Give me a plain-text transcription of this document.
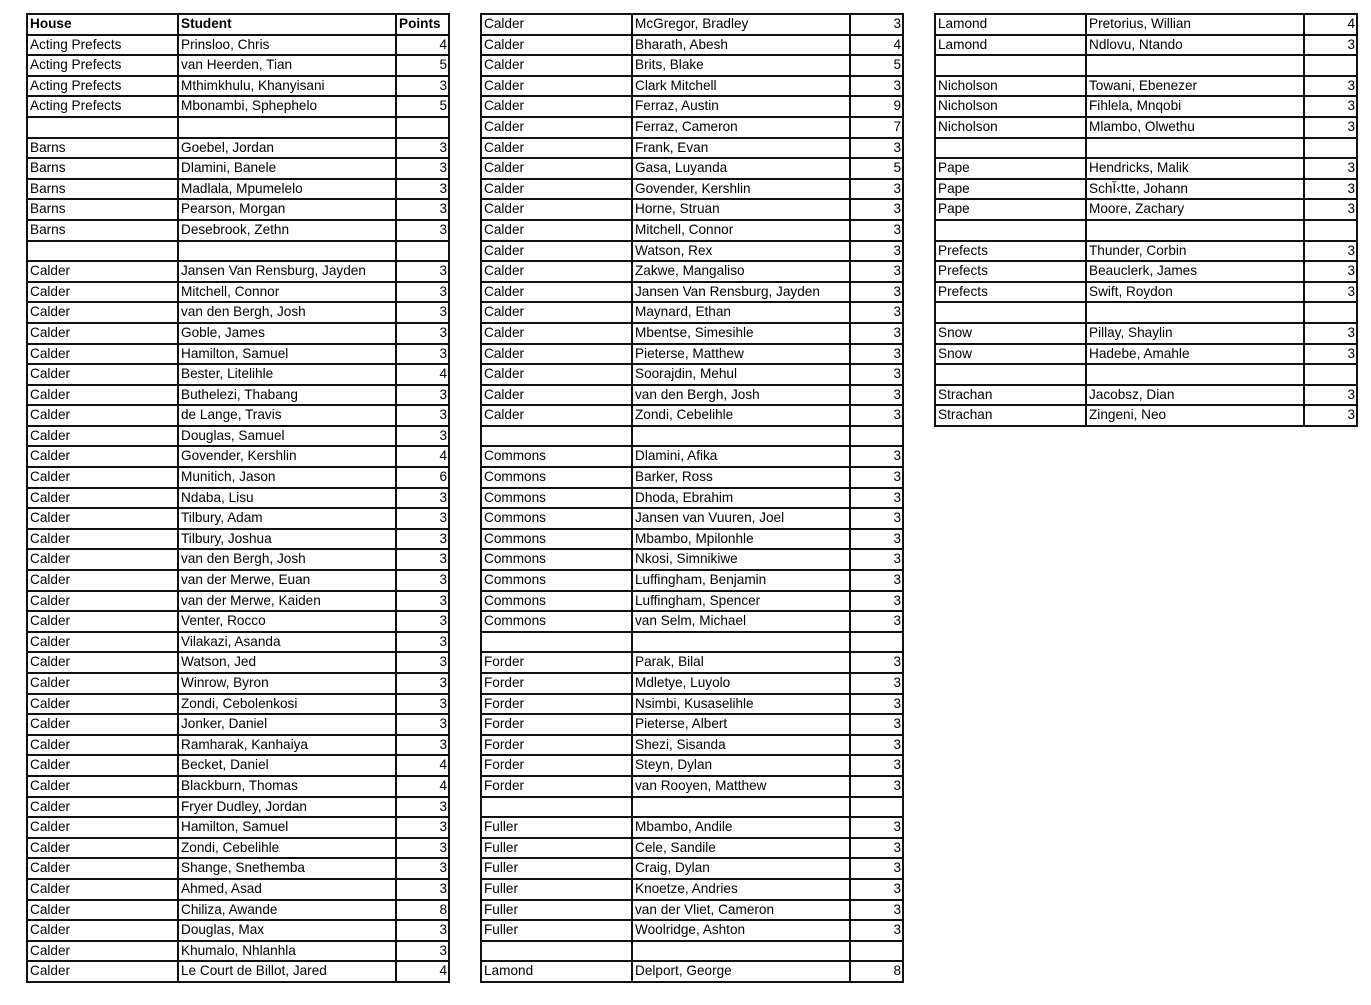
House	Student	Points
Acting Prefects	Prinsloo, Chris	4
Acting Prefects	van Heerden, Tian	5
Acting Prefects	Mthimkhulu, Khanyisani	3
Acting Prefects	Mbonambi, Sphephelo	5

Barns	Goebel, Jordan	3
Barns	Dlamini, Banele	3
Barns	Madlala, Mpumelelo	3
Barns	Pearson, Morgan	3
Barns	Desebrook, Zethn	3

Calder	Jansen Van Rensburg, Jayden	3
Calder	Mitchell, Connor	3
Calder	van den Bergh, Josh	3
Calder	Goble, James	3
Calder	Hamilton, Samuel	3
Calder	Bester, Litelihle	4
Calder	Buthelezi, Thabang	3
Calder	de Lange, Travis	3
Calder	Douglas, Samuel	3
Calder	Govender, Kershlin	4
Calder	Munitich, Jason	6
Calder	Ndaba, Lisu	3
Calder	Tilbury, Adam	3
Calder	Tilbury, Joshua	3
Calder	van den Bergh, Josh	3
Calder	van der Merwe, Euan	3
Calder	van der Merwe, Kaiden	3
Calder	Venter, Rocco	3
Calder	Vilakazi, Asanda	3
Calder	Watson, Jed	3
Calder	Winrow, Byron	3
Calder	Zondi, Cebolenkosi	3
Calder	Jonker, Daniel	3
Calder	Ramharak, Kanhaiya	3
Calder	Becket, Daniel	4
Calder	Blackburn, Thomas	4
Calder	Fryer Dudley, Jordan	3
Calder	Hamilton, Samuel	3
Calder	Zondi, Cebelihle	3
Calder	Shange, Snethemba	3
Calder	Ahmed, Asad	3
Calder	Chiliza, Awande	8
Calder	Douglas, Max	3
Calder	Khumalo, Nhlanhla	3
Calder	Le Court de Billot, Jared	4
Calder	McGregor, Bradley	3
Calder	Bharath, Abesh	4
Calder	Brits, Blake	5
Calder	Clark Mitchell	3
Calder	Ferraz, Austin	9
Calder	Ferraz, Cameron	7
Calder	Frank, Evan	3
Calder	Gasa, Luyanda	5
Calder	Govender, Kershlin	3
Calder	Horne, Struan	3
Calder	Mitchell, Connor	3
Calder	Watson, Rex	3
Calder	Zakwe, Mangaliso	3
Calder	Jansen Van Rensburg, Jayden	3
Calder	Maynard, Ethan	3
Calder	Mbentse, Simesihle	3
Calder	Pieterse, Matthew	3
Calder	Soorajdin, Mehul	3
Calder	van den Bergh, Josh	3
Calder	Zondi, Cebelihle	3

Commons	Dlamini, Afika	3
Commons	Barker, Ross	3
Commons	Dhoda, Ebrahim	3
Commons	Jansen van Vuuren, Joel	3
Commons	Mbambo, Mpilonhle	3
Commons	Nkosi, Simnikiwe	3
Commons	Luffingham, Benjamin	3
Commons	Luffingham, Spencer	3
Commons	van Selm, Michael	3

Forder	Parak, Bilal	3
Forder	Mdletye, Luyolo	3
Forder	Nsimbi, Kusaselihle	3
Forder	Pieterse, Albert	3
Forder	Shezi, Sisanda	3
Forder	Steyn, Dylan	3
Forder	van Rooyen, Matthew	3

Fuller	Mbambo, Andile	3
Fuller	Cele, Sandile	3
Fuller	Craig, Dylan	3
Fuller	Knoetze, Andries	3
Fuller	van der Vliet, Cameron	3
Fuller	Woolridge, Ashton	3

Lamond	Delport, George	8
Lamond	Pretorius, Willian	4
Lamond	Ndlovu, Ntando	3

Nicholson	Towani, Ebenezer	3
Nicholson	Fihlela, Mnqobi	3
Nicholson	Mlambo, Olwethu	3

Pape	Hendricks, Malik	3
Pape	SchĬ‹tte, Johann	3
Pape	Moore, Zachary	3

Prefects	Thunder, Corbin	3
Prefects	Beauclerk, James	3
Prefects	Swift, Roydon	3

Snow	Pillay, Shaylin	3
Snow	Hadebe, Amahle	3

Strachan	Jacobsz, Dian	3
Strachan	Zingeni, Neo	3
